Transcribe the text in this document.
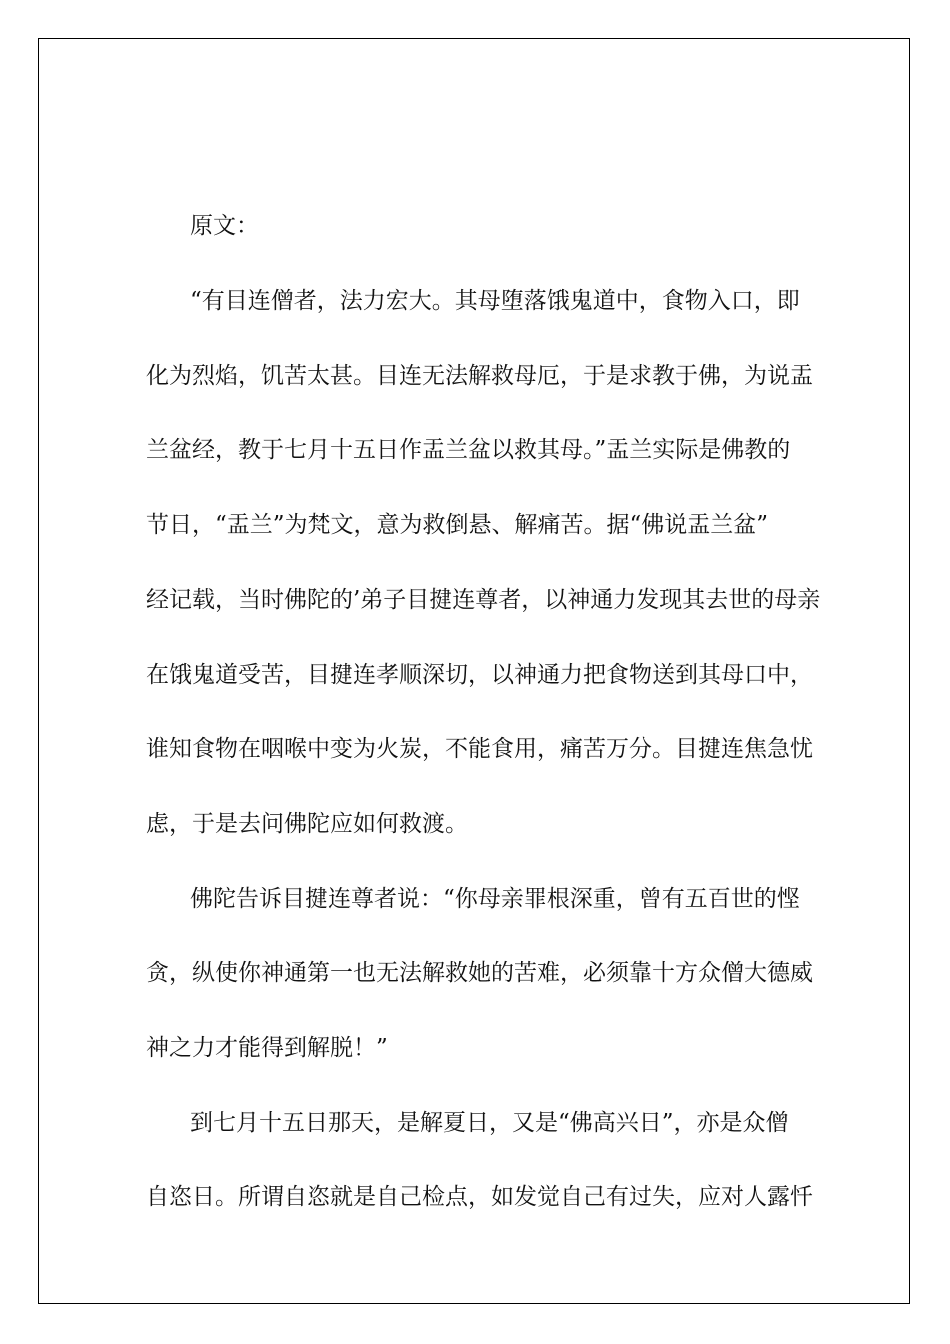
原文：
“有目连僧者，法力宏大。其母堕落饿鬼道中，食物入口，即
化为烈焰，饥苦太甚。目连无法解救母厄，于是求教于佛，为说盂
兰盆经，教于七月十五日作盂兰盆以救其母。”盂兰实际是佛教的
节日，“盂兰”为梵文，意为救倒悬、解痛苦。据“佛说盂兰盆”
经记载，当时佛陀的’弟子目揵连尊者，以神通力发现其去世的母亲
在饿鬼道受苦，目揵连孝顺深切，以神通力把食物送到其母口中，
谁知食物在咽喉中变为火炭，不能食用，痛苦万分。目揵连焦急忧
虑，于是去问佛陀应如何救渡。
佛陀告诉目揵连尊者说：“你母亲罪根深重，曾有五百世的悭
贪，纵使你神通第一也无法解救她的苦难，必须靠十方众僧大德威
神之力才能得到解脱！”
到七月十五日那天，是解夏日，又是“佛高兴日”，亦是众僧
自恣日。所谓自恣就是自己检点，如发觉自己有过失，应对人露忏
